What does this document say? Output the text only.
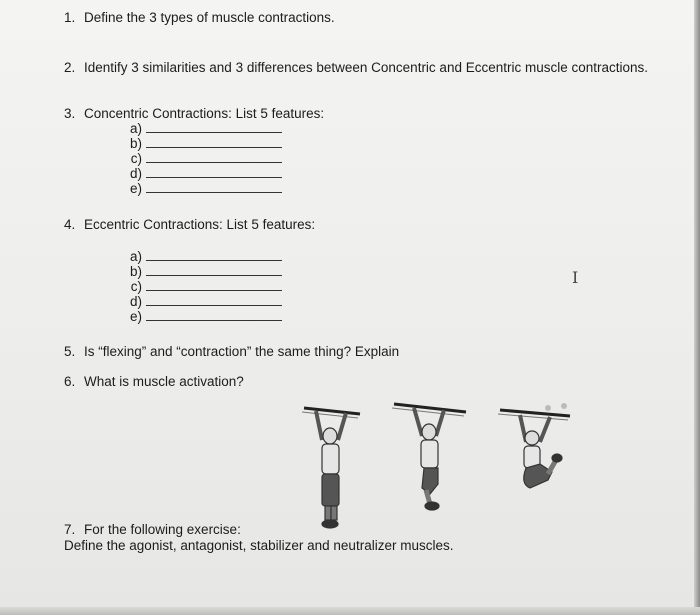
1. Define the 3 types of muscle contractions.
2. Identify 3 similarities and 3 differences between Concentric and Eccentric muscle contractions.
3. Concentric Contractions: List 5 features:
a)
b)
c)
d)
e)
4. Eccentric Contractions: List 5 features:
a)
b)
c)
d)
e)
5. Is “flexing” and “contraction” the same thing? Explain
6. What is muscle activation?
I
7. For the following exercise:
Define the agonist, antagonist, stabilizer and neutralizer muscles.
